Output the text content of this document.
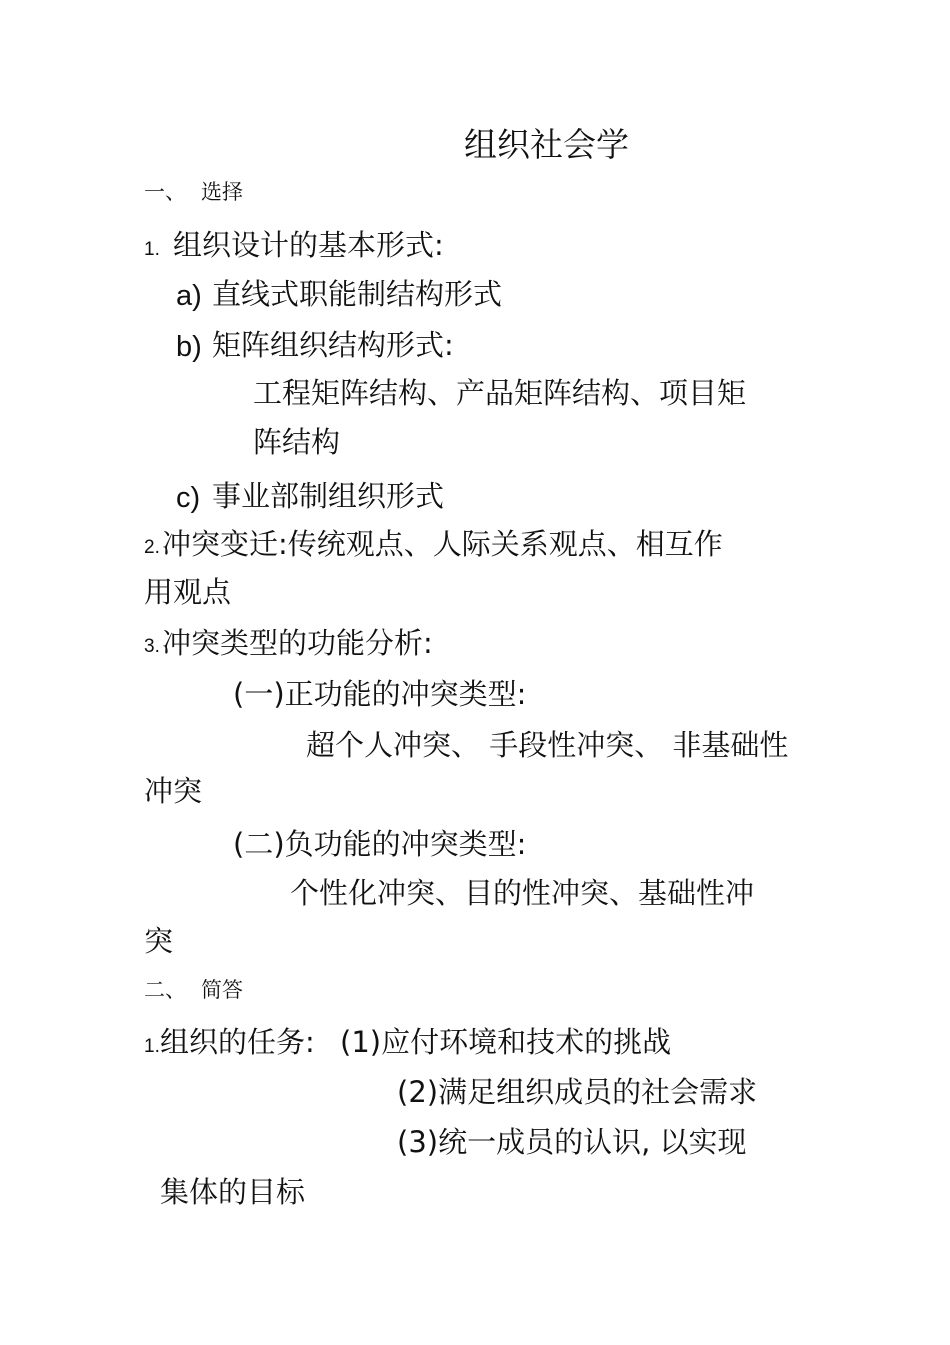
组织社会学

一、 选择
1. 组织设计的基本形式:
a) 直线式职能制结构形式
b) 矩阵组织结构形式:
工程矩阵结构、产品矩阵结构、项目矩
阵结构
c) 事业部制组织形式
2. 冲突变迁:传统观点、人际关系观点、相互作
用观点
3. 冲突类型的功能分析:
(一)正功能的冲突类型:
超个人冲突、 手段性冲突、 非基础性
冲突
(二)负功能的冲突类型:
个性化冲突、目的性冲突、基础性冲
突
二、 简答
1. 组织的任务: (1)应付环境和技术的挑战
(2)满足组织成员的社会需求
(3)统一成员的认识, 以实现
集体的目标
